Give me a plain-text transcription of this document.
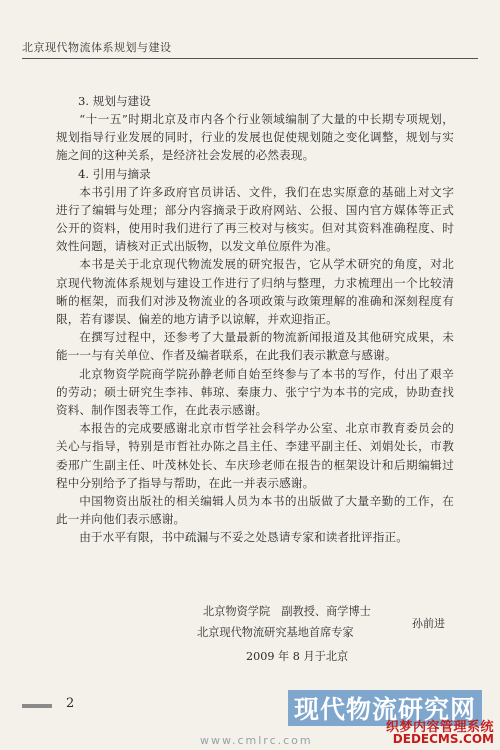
北京现代物流体系规划与建设

3. 规划与建设

“十一五”时期北京及市内各个行业领域编制了大量的中长期专项规划，规划指导行业发展的同时，行业的发展也促使规划随之变化调整，规划与实施之间的这种关系，是经济社会发展的必然表现。

4. 引用与摘录

本书引用了许多政府官员讲话、文件，我们在忠实原意的基础上对文字进行了编辑与处理；部分内容摘录于政府网站、公报、国内官方媒体等正式公开的资料，使用时我们进行了再三校对与核实。但对其资料准确程度、时效性问题，请核对正式出版物，以发文单位原件为准。

本书是关于北京现代物流发展的研究报告，它从学术研究的角度，对北京现代物流体系规划与建设工作进行了归纳与整理，力求梳理出一个比较清晰的框架，而我们对涉及物流业的各项政策与政策理解的准确和深刻程度有限，若有谬误、偏差的地方请予以谅解，并欢迎指正。

在撰写过程中，还参考了大量最新的物流新闻报道及其他研究成果，未能一一与有关单位、作者及编者联系，在此我们表示歉意与感谢。

北京物资学院商学院孙静老师自始至终参与了本书的写作，付出了艰辛的劳动；硕士研究生李祎、韩琼、秦康力、张宁宁为本书的完成，协助查找资料、制作图表等工作，在此表示感谢。

本报告的完成要感谢北京市哲学社会科学办公室、北京市教育委员会的关心与指导，特别是市哲社办陈之昌主任、李建平副主任、刘娟处长，市教委邢广生副主任、叶茂林处长、车庆珍老师在报告的框架设计和后期编辑过程中分别给予了指导与帮助，在此一并表示感谢。

中国物资出版社的相关编辑人员为本书的出版做了大量辛勤的工作，在此一并向他们表示感谢。

由于水平有限，书中疏漏与不妥之处恳请专家和读者批评指正。

北京物资学院　副教授、商学博士
孙前进
北京现代物流研究基地首席专家
2009 年 8 月于北京
2	现代物流研究网
织梦内容管理系统
www.cmlrc.com	DEDECMS.COM
